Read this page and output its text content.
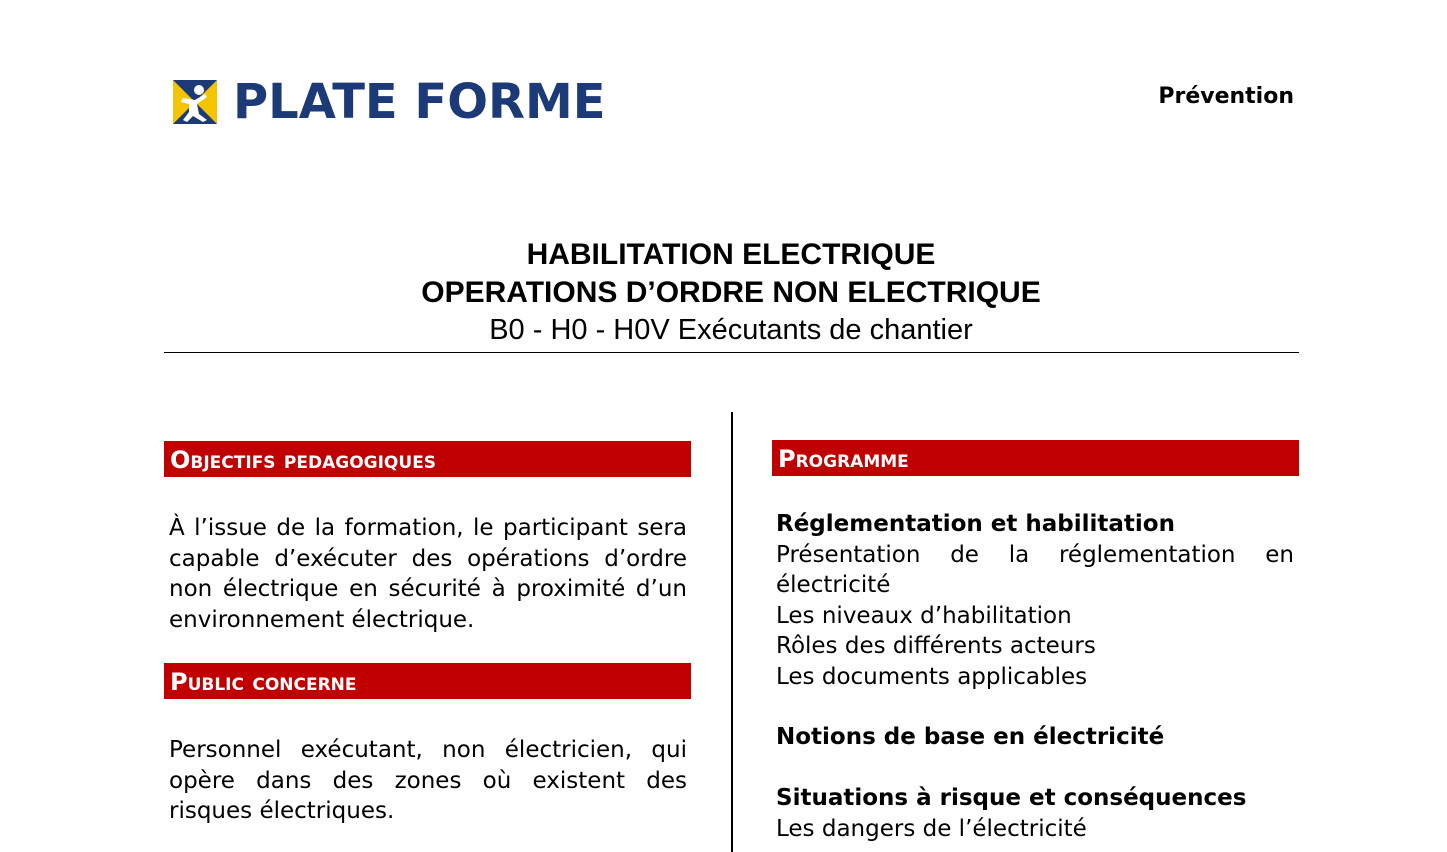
PLATE FORME	Prévention
HABILITATION ELECTRIQUE
OPERATIONS D’ORDRE NON ELECTRIQUE
B0 - H0 - H0V Exécutants de chantier
Objectifs pedagogiques
À l’issue de la formation, le participant sera capable d’exécuter des opérations d’ordre non électrique en sécurité à proximité d’un environnement électrique.
Public concerne
Personnel exécutant, non électricien, qui opère dans des zones où existent des risques électriques.
Programme
Réglementation et habilitation
Présentation de la réglementation en électricité
Les niveaux d’habilitation
Rôles des différents acteurs
Les documents applicables
Notions de base en électricité
Situations à risque et conséquences
Les dangers de l’électricité
